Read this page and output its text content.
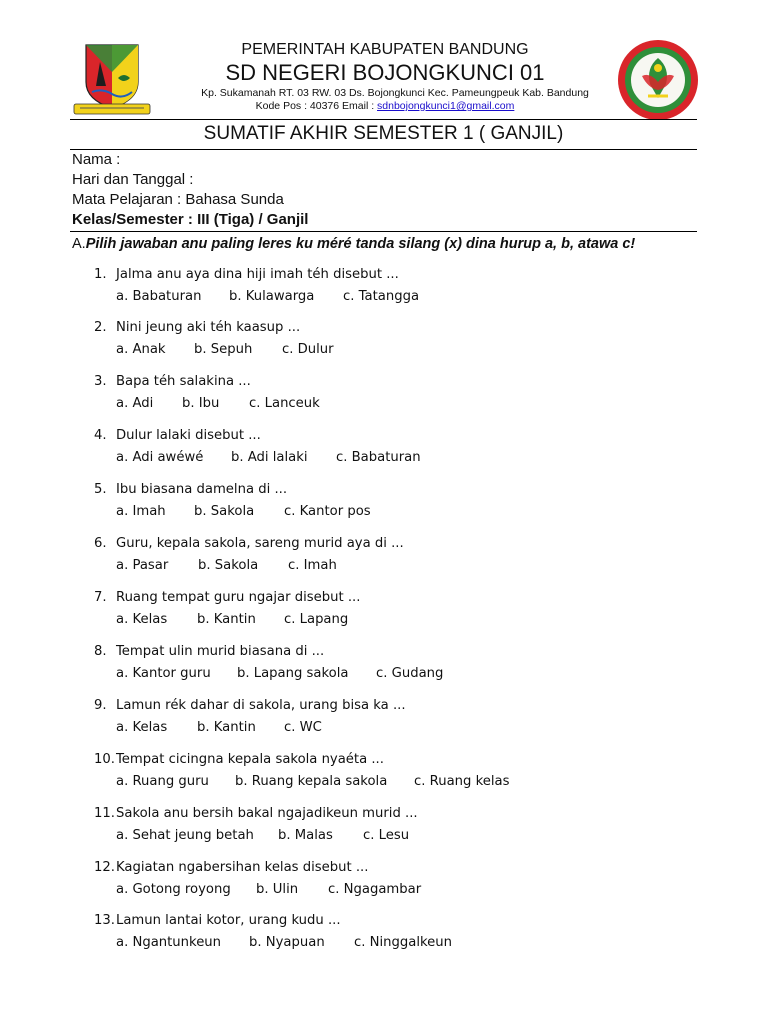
PEMERINTAH KABUPATEN BANDUNG
SD NEGERI BOJONGKUNCI 01
Kp. Sukamanah RT. 03 RW. 03 Ds. Bojongkunci Kec. Pameungpeuk Kab. Bandung
Kode Pos : 40376 Email : sdnbojongkunci1@gmail.com
SUMATIF AKHIR SEMESTER 1 ( GANJIL)
Nama :
Hari dan Tanggal :
Mata Pelajaran : Bahasa Sunda
Kelas/Semester : III (Tiga) / Ganjil
A.Pilih jawaban anu paling leres ku méré tanda silang (x) dina hurup a, b, atawa c!
1. Jalma anu aya dina hiji imah téh disebut ...
a. Babaturan b. Kulawarga c. Tatangga
2. Nini jeung aki téh kaasup ...
a. Anak b. Sepuh c. Dulur
3. Bapa téh salakina ...
a. Adi b. Ibu c. Lanceuk
4. Dulur lalaki disebut ...
a. Adi awéwé b. Adi lalaki c. Babaturan
5. Ibu biasana damelna di ...
a. Imah b. Sakola c. Kantor pos
6. Guru, kepala sakola, sareng murid aya di ...
a. Pasar b. Sakola c. Imah
7. Ruang tempat guru ngajar disebut ...
a. Kelas b. Kantin c. Lapang
8. Tempat ulin murid biasana di ...
a. Kantor guru b. Lapang sakola c. Gudang
9. Lamun rék dahar di sakola, urang bisa ka ...
a. Kelas b. Kantin c. WC
10.Tempat cicingna kepala sakola nyaéta ...
a. Ruang guru b. Ruang kepala sakola c. Ruang kelas
11.Sakola anu bersih bakal ngajadikeun murid ...
a. Sehat jeung betah b. Malas c. Lesu
12.Kagiatan ngabersihan kelas disebut ...
a. Gotong royong b. Ulin c. Ngagambar
13.Lamun lantai kotor, urang kudu ...
a. Ngantunkeun b. Nyapuan c. Ninggalkeun
